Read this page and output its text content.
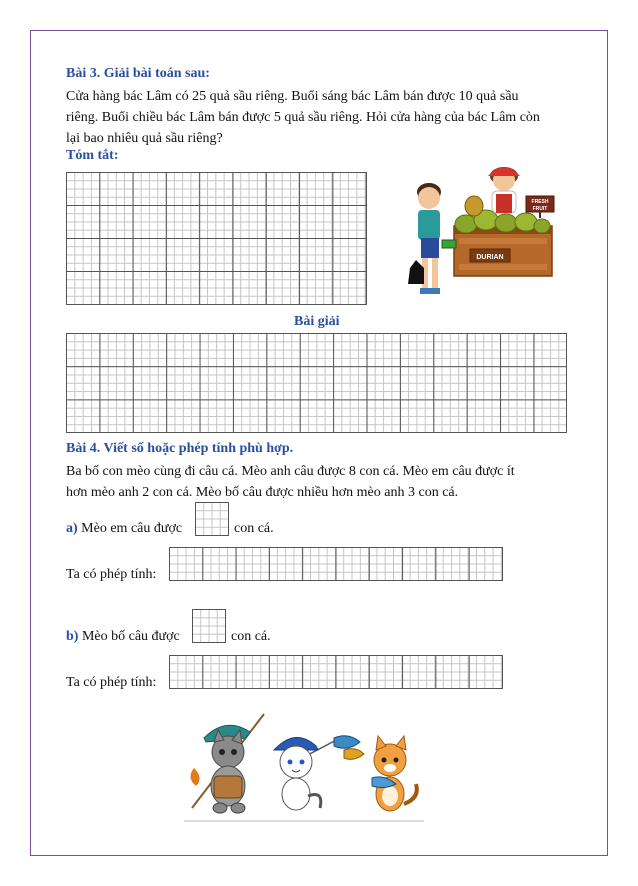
Bài 3. Giải bài toán sau:
Cửa hàng bác Lâm có 25 quả sầu riêng. Buổi sáng bác Lâm bán được 10 quả sầu
riêng. Buổi chiều bác Lâm bán được 5 quả sầu riêng. Hỏi cửa hàng của bác Lâm còn
lại bao nhiêu quả sầu riêng?
Tóm tắt:
DURIAN
FRESH
FRUIT
Bài giải
Bài 4. Viết số hoặc phép tính phù hợp.
Ba bố con mèo cùng đi câu cá. Mèo anh câu được 8 con cá. Mèo em câu được ít
hơn mèo anh 2 con cá. Mèo bố câu được nhiều hơn mèo anh 3 con cá.
a) Mèo em câu được	con cá.
Ta có phép tính:
b) Mèo bố câu được	con cá.
Ta có phép tính:
